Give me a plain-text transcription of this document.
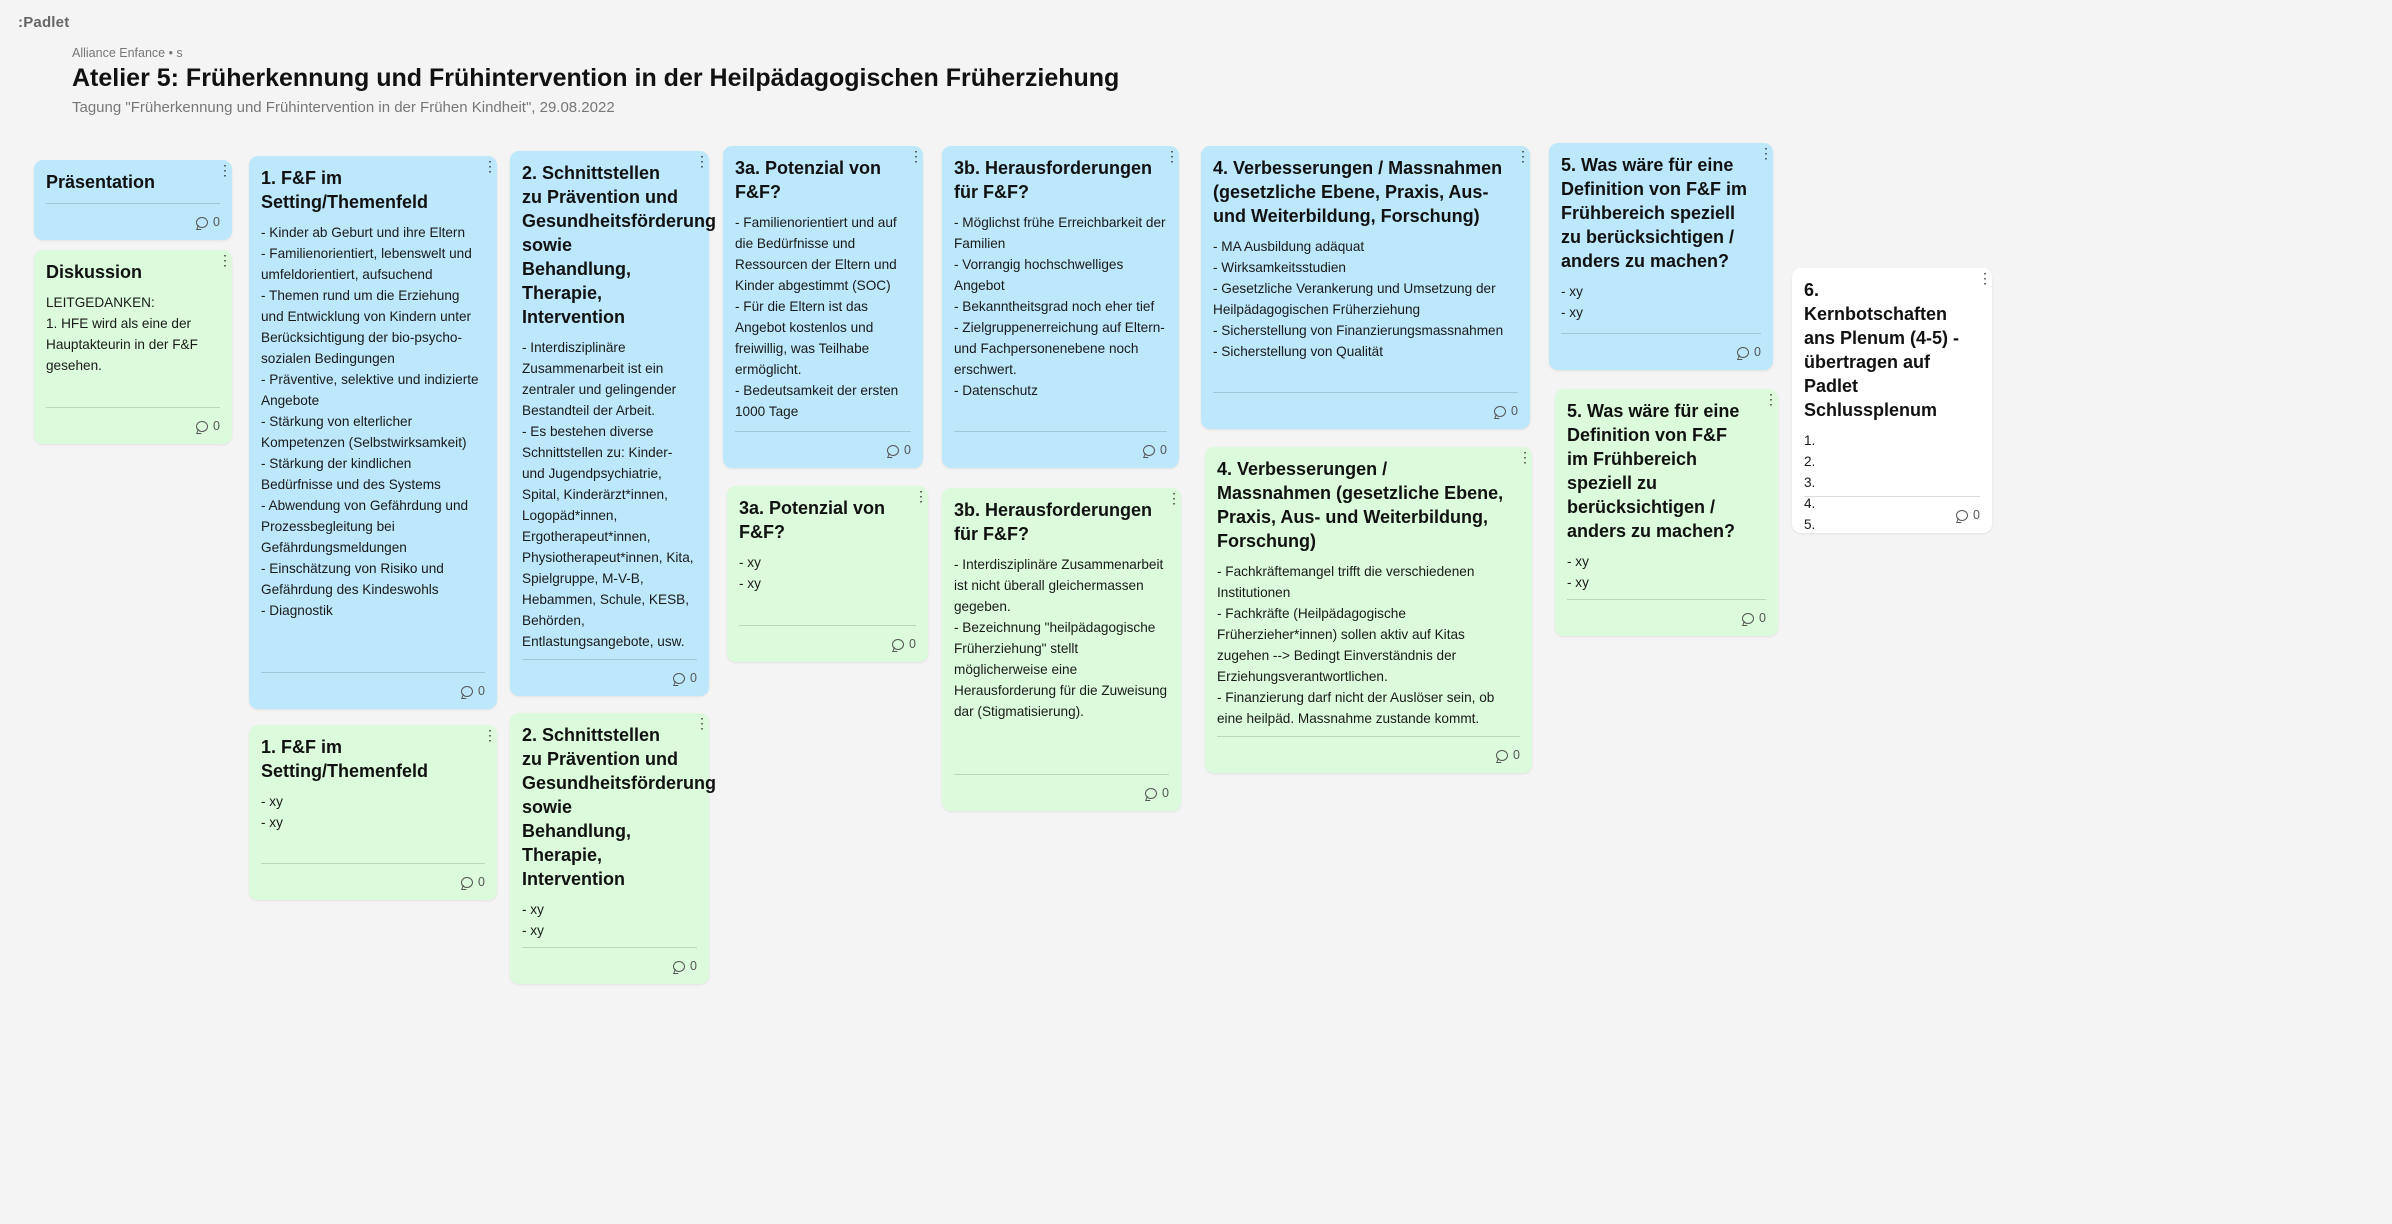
:Padlet
Alliance Enfance • s
Atelier 5: Früherkennung und Frühintervention in der Heilpädagogischen Früherziehung
Tagung "Früherkennung und Frühintervention in der Frühen Kindheit", 29.08.2022
⋮
Präsentation
0
⋮
Diskussion
LEITGEDANKEN:
1. HFE wird als eine der Hauptakteurin in der F&F gesehen.
0
⋮
1. F&F im Setting/Themenfeld
- Kinder ab Geburt und ihre Eltern
- Familienorientiert, lebenswelt und umfeldorientiert, aufsuchend
- Themen rund um die Erziehung und Entwicklung von Kindern unter Berücksichtigung der bio-psycho-sozialen Bedingungen
- Präventive, selektive und indizierte Angebote
- Stärkung von elterlicher Kompetenzen (Selbstwirksamkeit)
- Stärkung der kindlichen Bedürfnisse und des Systems
- Abwendung von Gefährdung und Prozessbegleitung bei Gefährdungsmeldungen
- Einschätzung von Risiko und Gefährdung des Kindeswohls
- Diagnostik
0
⋮
1. F&F im Setting/Themenfeld
- xy
- xy
0
⋮
2. Schnittstellen zu Prävention und Gesundheitsförderung sowie Behandlung, Therapie, Intervention
- Interdisziplinäre Zusammenarbeit ist ein zentraler und gelingender Bestandteil der Arbeit.
- Es bestehen diverse Schnittstellen zu: Kinder- und Jugendpsychiatrie, Spital, Kinderärzt*innen, Logopäd*innen, Ergotherapeut*innen, Physiotherapeut*innen, Kita, Spielgruppe, M-V-B, Hebammen, Schule, KESB, Behörden, Entlastungsangebote, usw.
0
⋮
2. Schnittstellen zu Prävention und Gesundheitsförderung sowie Behandlung, Therapie, Intervention
- xy
- xy
0
⋮
3a. Potenzial von F&F?
- Familienorientiert und auf die Bedürfnisse und Ressourcen der Eltern und Kinder abgestimmt (SOC)
- Für die Eltern ist das Angebot kostenlos und freiwillig, was Teilhabe ermöglicht.
- Bedeutsamkeit der ersten 1000 Tage
0
⋮
3a. Potenzial von F&F?
- xy
- xy
0
⋮
3b. Herausforderungen für F&F?
- Möglichst frühe Erreichbarkeit der Familien
- Vorrangig hochschwelliges Angebot
- Bekanntheitsgrad noch eher tief
- Zielgruppenerreichung auf Eltern- und Fachpersonenebene noch erschwert.
- Datenschutz
0
⋮
3b. Herausforderungen für F&F?
- Interdisziplinäre Zusammenarbeit ist nicht überall gleichermassen gegeben.
- Bezeichnung "heilpädagogische Früherziehung" stellt möglicherweise eine Herausforderung für die Zuweisung dar (Stigmatisierung).
0
⋮
4. Verbesserungen / Massnahmen (gesetzliche Ebene, Praxis, Aus- und Weiterbildung, Forschung)
- MA Ausbildung adäquat
- Wirksamkeitsstudien
- Gesetzliche Verankerung und Umsetzung der Heilpädagogischen Früherziehung
- Sicherstellung von Finanzierungsmassnahmen
- Sicherstellung von Qualität
0
⋮
4. Verbesserungen / Massnahmen (gesetzliche Ebene, Praxis, Aus- und Weiterbildung, Forschung)
- Fachkräftemangel trifft die verschiedenen Institutionen
- Fachkräfte (Heilpädagogische Früherzieher*innen) sollen aktiv auf Kitas zugehen --> Bedingt Einverständnis der Erziehungsverantwortlichen.
- Finanzierung darf nicht der Auslöser sein, ob eine heilpäd. Massnahme zustande kommt.
0
⋮
5. Was wäre für eine Definition von F&F im Frühbereich speziell zu berücksichtigen / anders zu machen?
- xy
- xy
0
⋮
5. Was wäre für eine Definition von F&F im Frühbereich speziell zu berücksichtigen / anders zu machen?
- xy
- xy
0
⋮
6. Kernbotschaften ans Plenum (4-5) - übertragen auf Padlet Schlussplenum
1.
2.
3.
4.
5.
0
